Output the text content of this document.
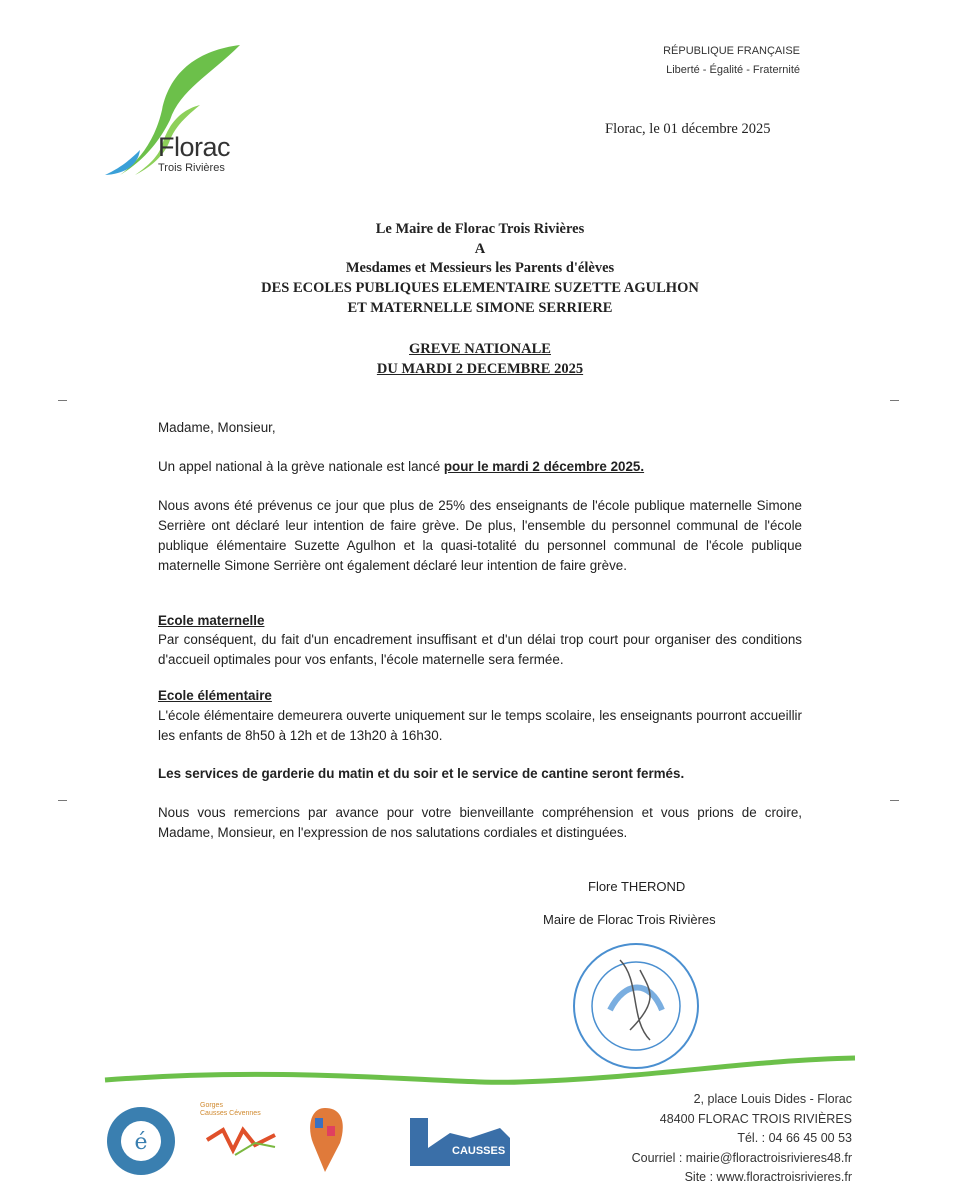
Florac
Trois Rivières
RÉPUBLIQUE FRANÇAISE
Liberté - Égalité - Fraternité
Florac, le 01 décembre 2025
Le Maire de Florac Trois Rivières
A
Mesdames et Messieurs les Parents d'élèves
DES ECOLES PUBLIQUES ELEMENTAIRE SUZETTE AGULHON
ET MATERNELLE SIMONE SERRIERE
GREVE NATIONALE
DU MARDI 2 DECEMBRE 2025
Madame, Monsieur,
Un appel national à la grève nationale est lancé pour le mardi 2 décembre 2025.
Nous avons été prévenus ce jour que plus de 25% des enseignants de l'école publique maternelle Simone Serrière ont déclaré leur intention de faire grève. De plus, l'ensemble du personnel communal de l'école publique élémentaire Suzette Agulhon et la quasi-totalité du personnel communal de l'école publique maternelle Simone Serrière ont également déclaré leur intention de faire grève.
Ecole maternelle
Par conséquent, du fait d'un encadrement insuffisant et d'un délai trop court pour organiser des conditions d'accueil optimales pour vos enfants, l'école maternelle sera fermée.
Ecole élémentaire
L'école élémentaire demeurera ouverte uniquement sur le temps scolaire, les enseignants pourront accueillir les enfants de 8h50 à 12h et de 13h20 à 16h30.
Les services de garderie du matin et du soir et le service de cantine seront fermés.
Nous vous remercions par avance pour votre bienveillante compréhension et vous prions de croire, Madame, Monsieur, en l'expression de nos salutations cordiales et distinguées.
Flore THEROND
Maire de Florac Trois Rivières
é
Gorges
Causses Cévennes
CAUSSES
2, place Louis Dides - Florac
48400 FLORAC TROIS RIVIÈRES
Tél. : 04 66 45 00 53
Courriel : mairie@floractroisrivieres48.fr
Site : www.floractroisrivieres.fr
